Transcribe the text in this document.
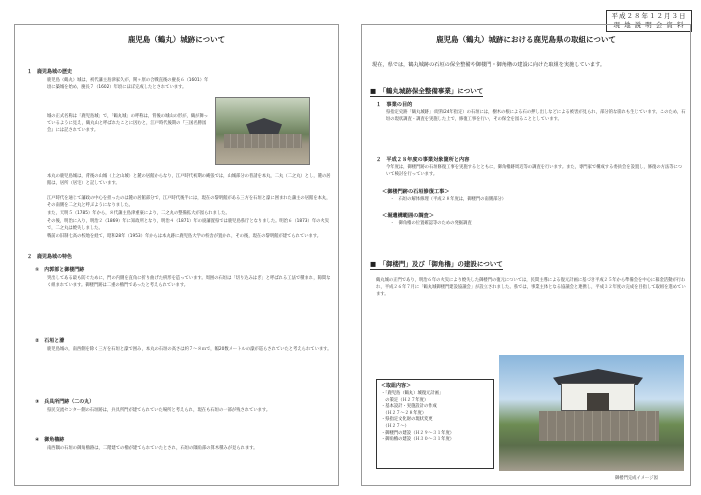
平成２８年１２月３日
現 地 説 明 会 資 料
鹿児島（鶴丸）城跡について
１　鹿児島城の歴史
鹿児島（鶴丸）城は，初代藩主島津家久が，関ヶ原の合戦直後の慶長６（1601）年頃に築城を始め，慶長７（1602）年頃にほぼ完成したとされています。
城の正式名称は「鹿児島城」で，「鶴丸城」の呼称は，背後の城山の形が，鶴が舞っているように見え，鶴丸山と呼ばれたことに因むと，江戸時代後期の『三国名勝図会』には記されています。
本丸の鹿児島城は，背後の山城（上之山城）と麓の居館からなり，江戸時代初期の縄張では，山城部分の普請を本丸，二丸（二之丸）とし，麓の居館は，居所（居宅）と記しています。
江戸時代を通じて藩政の中心を担ったのは麓の居館部分で，江戸時代後半には，現在の黎明館がある三方を石垣と濠に囲まれた藩主の居館を本丸，その南側を二之丸と呼ぶようになりました。
また，天明５（1785）年から，８代藩主島津重豪により，二之丸の整備拡大が図られました。
その後，明治に入り，明治２（1869）年に知政所となり，明治４（1871）年の廃藩置県では鹿児島県庁となりました。明治６（1873）年の火災で，二之丸は焼失しました。
戦前の旧制七高の校地を経て，昭和28年（1953）年からは本丸跡に鹿児島大学の校舎が置かれ，その後，現在の黎明館が建てられています。
２　鹿児島城の特色
①　内郭部と御楼門跡
突出してある最も防ぐために，門の内側を直角に折り曲げた枡形を造っています。周囲の石垣は「切り込みはぎ」と呼ばれる工法で積まれ，隙間なく組まれています。御楼門跡は二重の櫓門であったと考えられています。
②　石垣と濠
鹿児島城の，南西側を除く三方を石垣と濠で囲み，本丸の石垣の高さは約７～８ｍで，幅20数メートルの濠が巡らされていたと考えられています。
③　兵具所門跡（二の丸）
県民交流センター側の石垣跡は，兵具所門が建てられていた場所と考えられ，現在も石垣の一部が残されています。
④　御角櫓跡
南西隅の石垣の御角櫓跡は，二階建ての櫓が建てられていたとされ，石垣の隅角部の算木積みが見られます。
鹿児島（鶴丸）城跡における鹿児島県の取組について
現在，県では，鶴丸城跡の石垣の保全整備や御楼門・御角櫓の建設に向けた取組を実施しています。
■　「鶴丸城跡保全整備事業」について
１　事業の目的
県指定史跡「鶴丸城跡」（昭和24年指定）の石垣には，樹木の根による石の押し出しなどによる被害が見られ，部分的な崩れも生じています。このため，石垣の現状調査・調査を実施した上で，修復工事を行い，その保全を図ることとしています。
２　平成２８年度の事業対象箇所と内容
今年度は，御楼門跡の石垣修復工事を実施するとともに，御角櫓跡周辺等の調査を行います。また，専門家で構成する委員会を設置し，修復の方法等について検討を行っています。
＜御楼門跡の石垣修復工事＞
・　石垣の解体修理（平成２８年度は，御楼門の南側部分）
＜堀遺構範囲の調査＞
・　御角櫓の位置確認等のための発掘調査
■　「御楼門」及び「御角櫓」の建設について
鶴丸城の正門であり，明治６年の火災により焼失した御楼門の復元については，民間主導による復元計画に基づき平成２５年から準備会を中心に募金活動が行われ，平成２６年７月に「鶴丸城御楼門建設協議会」が設立されました。県では，事業主体となる協議会と連携し，平成３２年度の完成を目指して取組を進めています。
＜取組内容＞
・「鹿児島（鶴丸）城復元計画」
　の策定（Ｈ２７年度）
・基本設計・実施設計の作成
　（Ｈ２７～２８年度）
・県指定文化財の現状変更
　（Ｈ２７～）
・御楼門の建設（Ｈ２９～３１年度）
・御角櫓の建設（Ｈ３０～３１年度）
御楼門完成イメージ図
